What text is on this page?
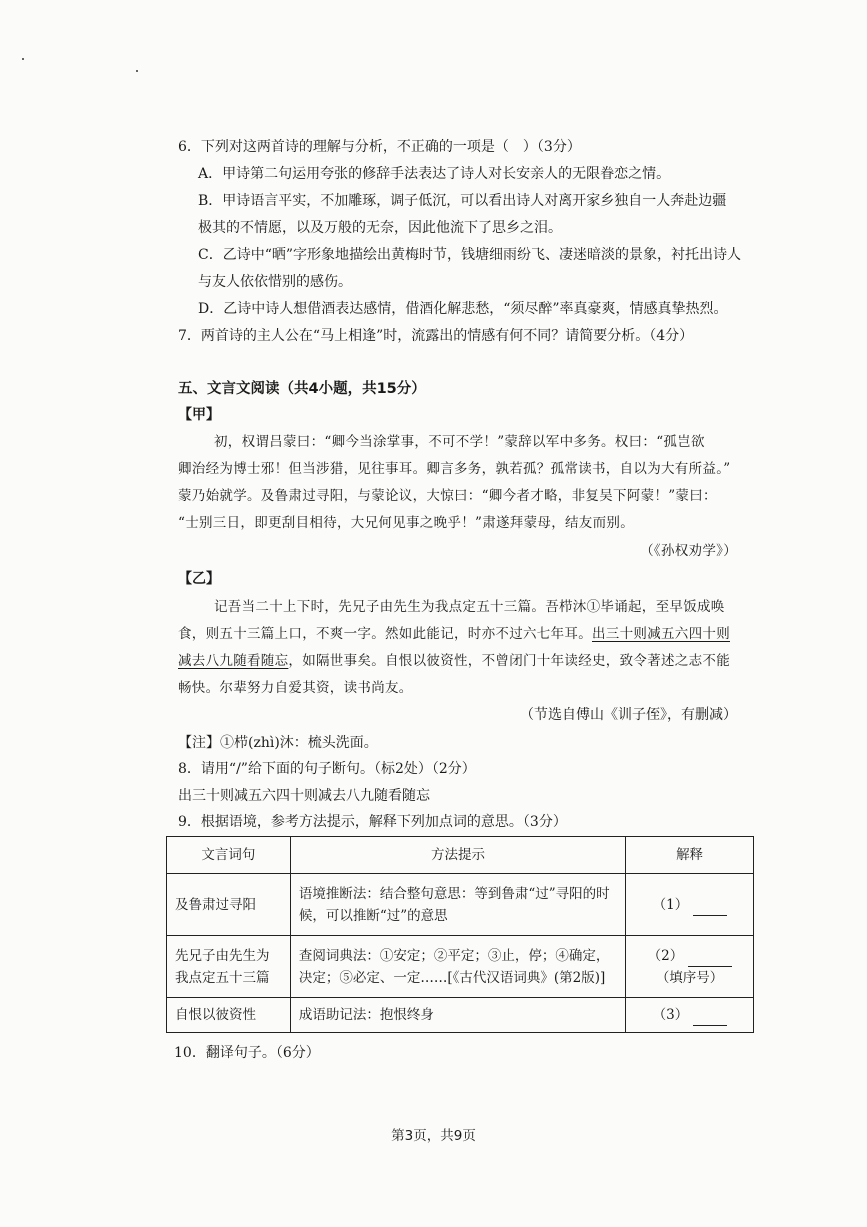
6．下列对这两首诗的理解与分析，不正确的一项是（　）（3分）
A．甲诗第二句运用夸张的修辞手法表达了诗人对长安亲人的无限眷恋之情。
B．甲诗语言平实，不加雕琢，调子低沉，可以看出诗人对离开家乡独自一人奔赴边疆
极其的不情愿，以及万般的无奈，因此他流下了思乡之泪。
C．乙诗中“晒”字形象地描绘出黄梅时节，钱塘细雨纷飞、凄迷暗淡的景象，衬托出诗人
与友人依依惜别的感伤。
D．乙诗中诗人想借酒表达感情，借酒化解悲愁，“须尽醉”率真豪爽，情感真挚热烈。
7．两首诗的主人公在“马上相逢”时，流露出的情感有何不同？请简要分析。（4分）
五、文言文阅读（共4小题，共15分）
【甲】
初，权谓吕蒙曰：“卿今当涂掌事，不可不学！”蒙辞以军中多务。权曰：“孤岂欲
卿治经为博士邪！但当涉猎，见往事耳。卿言多务，孰若孤？孤常读书，自以为大有所益。”
蒙乃始就学。及鲁肃过寻阳，与蒙论议，大惊曰：“卿今者才略，非复吴下阿蒙！”蒙曰：
“士别三日，即更刮目相待，大兄何见事之晚乎！”肃遂拜蒙母，结友而别。
（《孙权劝学》）
【乙】
记吾当二十上下时，先兄子由先生为我点定五十三篇。吾栉沐①毕诵起，至早饭成唤
食，则五十三篇上口，不爽一字。然如此能记，时亦不过六七年耳。出三十则减五六四十则
减去八九随看随忘，如隔世事矣。自恨以彼资性，不曾闭门十年读经史，致令著述之志不能
畅快。尔辈努力自爱其资，读书尚友。
（节选自傅山《训子侄》，有删减）
【注】①栉(zhì)沐：梳头洗面。
8．请用“/”给下面的句子断句。（标2处）（2分）
出三十则减五六四十则减去八九随看随忘
9．根据语境，参考方法提示，解释下列加点词的意思。（3分）
文言词句	方法提示	解释
及鲁肃过寻阳	语境推断法：结合整句意思：等到鲁肃“过”寻阳的时候，可以推断“过”的意思	（1）
先兄子由先生为我点定五十三篇	查阅词典法：①安定；②平定；③止，停；④确定，决定；⑤必定、一定……[《古代汉语词典》(第2版)]	（2）
（填序号）
自恨以彼资性	成语助记法：抱恨终身	（3）
10．翻译句子。（6分）
第3页，共9页
